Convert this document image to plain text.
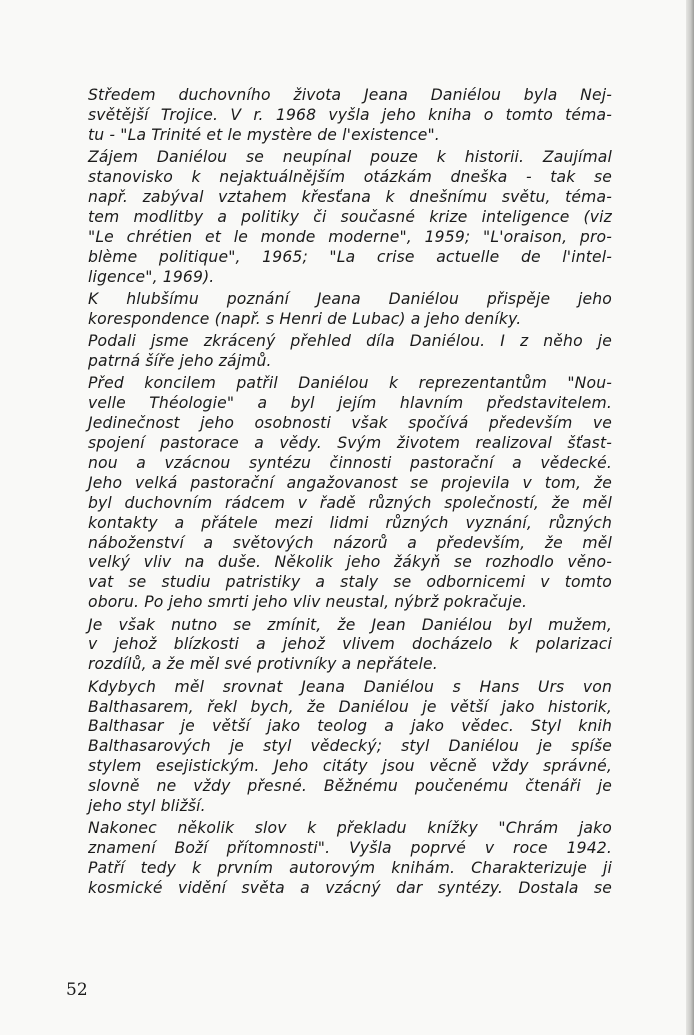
Středem duchovního života Jeana Daniélou byla Nej-
světější Trojice. V r. 1968 vyšla jeho kniha o tomto téma-
tu - "La Trinité et le mystère de l'existence".
Zájem Daniélou se neupínal pouze k historii. Zaujímal
stanovisko k nejaktuálnějším otázkám dneška - tak se
např. zabýval vztahem křesťana k dnešnímu světu, téma-
tem modlitby a politiky či současné krize inteligence (viz
"Le chrétien et le monde moderne", 1959; "L'oraison, pro-
blème politique", 1965; "La crise actuelle de l'intel-
ligence", 1969).
K hlubšímu poznání Jeana Daniélou přispěje jeho
korespondence (např. s Henri de Lubac) a jeho deníky.
Podali jsme zkrácený přehled díla Daniélou. I z něho je
patrná šíře jeho zájmů.
Před koncilem patřil Daniélou k reprezentantům "Nou-
velle Théologie" a byl jejím hlavním představitelem.
Jedinečnost jeho osobnosti však spočívá především ve
spojení pastorace a vědy. Svým životem realizoval šťast-
nou a vzácnou syntézu činnosti pastorační a vědecké.
Jeho velká pastorační angažovanost se projevila v tom, že
byl duchovním rádcem v řadě různých společností, že měl
kontakty a přátele mezi lidmi různých vyznání, různých
náboženství a světových názorů a především, že měl
velký vliv na duše. Několik jeho žákyň se rozhodlo věno-
vat se studiu patristiky a staly se odbornicemi v tomto
oboru. Po jeho smrti jeho vliv neustal, nýbrž pokračuje.
Je však nutno se zmínit, že Jean Daniélou byl mužem,
v jehož blízkosti a jehož vlivem docházelo k polarizaci
rozdílů, a že měl své protivníky a nepřátele.
Kdybych měl srovnat Jeana Daniélou s Hans Urs von
Balthasarem, řekl bych, že Daniélou je větší jako historik,
Balthasar je větší jako teolog a jako vědec. Styl knih
Balthasarových je styl vědecký; styl Daniélou je spíše
stylem esejistickým. Jeho citáty jsou věcně vždy správné,
slovně ne vždy přesné. Běžnému poučenému čtenáři je
jeho styl bližší.
Nakonec několik slov k překladu knížky "Chrám jako
znamení Boží přítomnosti". Vyšla poprvé v roce 1942.
Patří tedy k prvním autorovým knihám. Charakterizuje ji
kosmické vidění světa a vzácný dar syntézy. Dostala se
52
